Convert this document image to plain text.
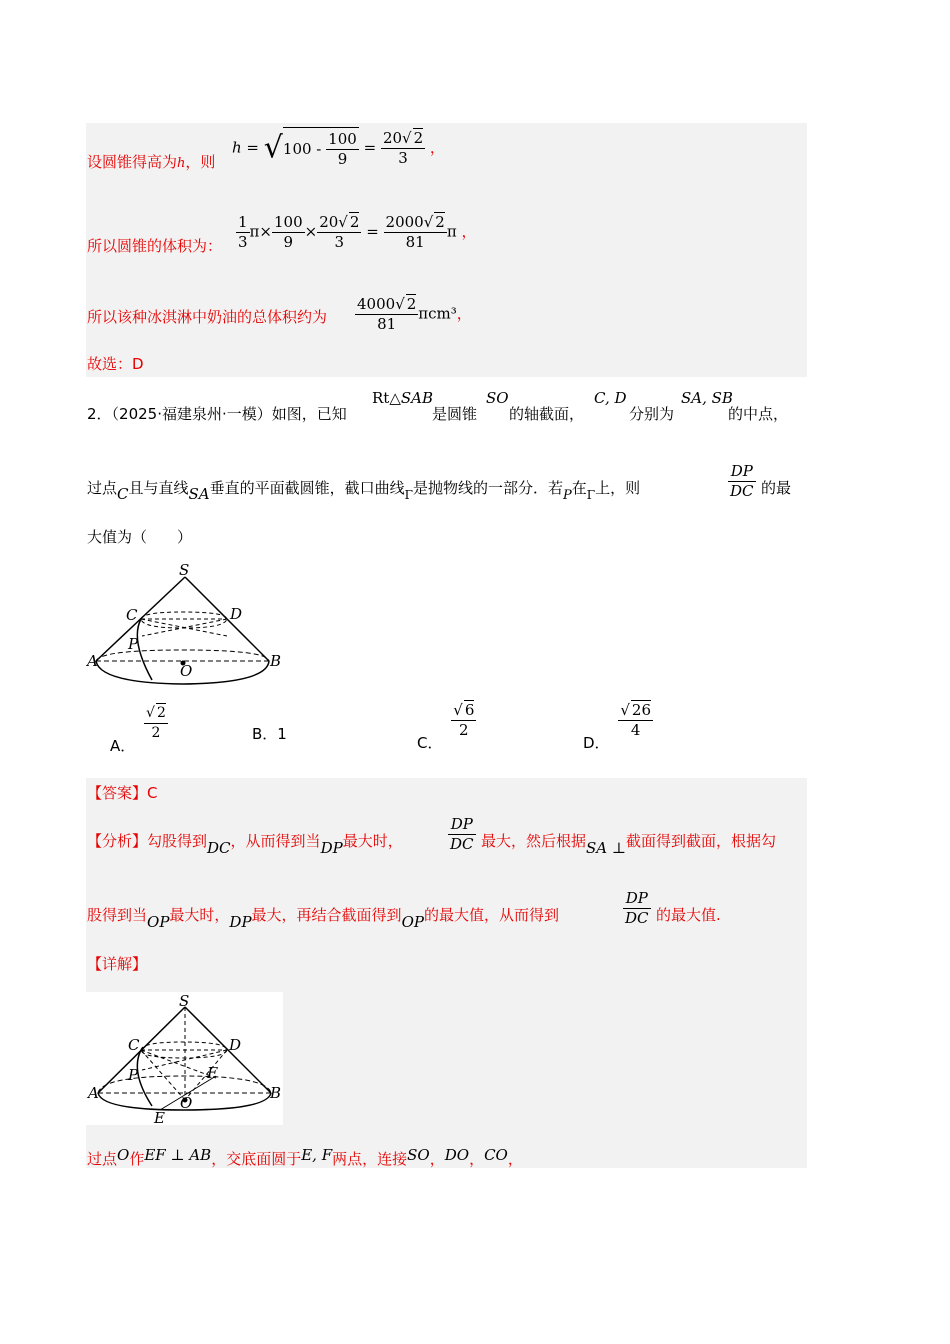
设圆锥得高为h，则
$h = √100 - \frac{100}{9} = \frac{20√ 2}{3}$ ，
所以圆锥的体积为： $\frac{1}{3} \pi\times \frac{100}{9} \times \frac{20√ 2}{3} = \frac{2000√ 2}{81}$ π ，
所以该种冰淇淋中奶油的总体积约为 $\frac{4000√ 2}{81} \pi cm^3$，
故选：D
2．（2025·福建泉州·一模）如图，已知
Rt△SAB
是圆锥
SO
的轴截面，
C, D
分别为
SA, SB
的中点，
过点C且与直线SA垂直的平面截圆锥，截口曲线$_\Gamma$是抛物线的一部分．若P在$_\Gamma$上，则	$\frac{DP}{DC}$ 的最
大值为（　　）
S
C	D
P
A
O
B
A．
$\frac{√ 2}{2}$	B．1	C．
$\frac{√ 6}{2}$
D．
$\frac{√ 26}{4}$
【答案】C
【分析】勾股得到DC，从而得到当DP最大时，	$\frac{DP}{DC}$ 最大，然后根据SA ⊥截面得到截面，根据勾
股得到当OP最大时，DP最大，再结合截面得到OP的最大值，从而得到	$\frac{DP}{DC}$ 的最大值.
【详解】
S
C	D
P	F
A
O
B
E
过点O作EF ⊥ AB，交底面圆于E, F两点，连接SO，DO，CO，
